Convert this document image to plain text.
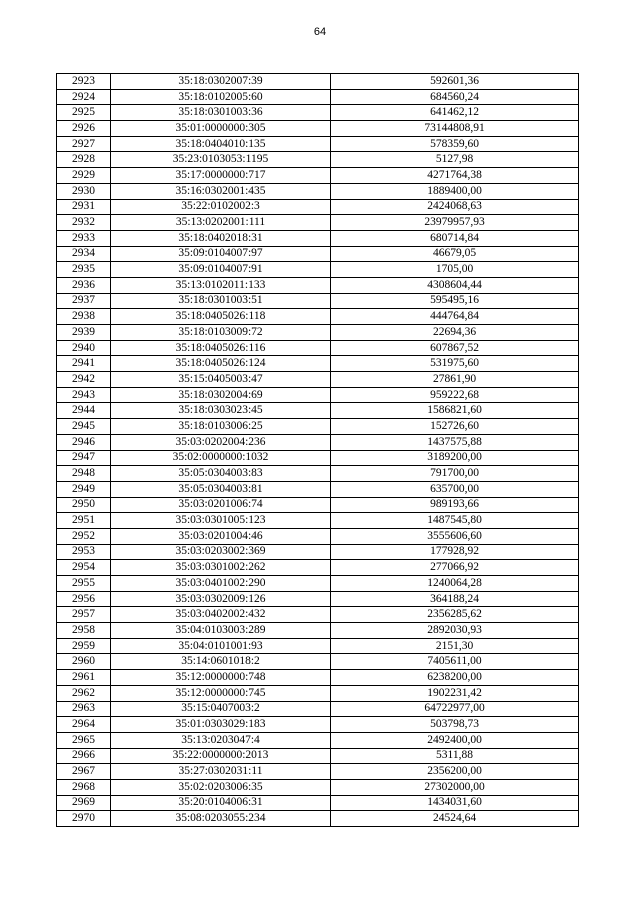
64
2923	35:18:0302007:39	592601,36
2924	35:18:0102005:60	684560,24
2925	35:18:0301003:36	641462,12
2926	35:01:0000000:305	73144808,91
2927	35:18:0404010:135	578359,60
2928	35:23:0103053:1195	5127,98
2929	35:17:0000000:717	4271764,38
2930	35:16:0302001:435	1889400,00
2931	35:22:0102002:3	2424068,63
2932	35:13:0202001:111	23979957,93
2933	35:18:0402018:31	680714,84
2934	35:09:0104007:97	46679,05
2935	35:09:0104007:91	1705,00
2936	35:13:0102011:133	4308604,44
2937	35:18:0301003:51	595495,16
2938	35:18:0405026:118	444764,84
2939	35:18:0103009:72	22694,36
2940	35:18:0405026:116	607867,52
2941	35:18:0405026:124	531975,60
2942	35:15:0405003:47	27861,90
2943	35:18:0302004:69	959222,68
2944	35:18:0303023:45	1586821,60
2945	35:18:0103006:25	152726,60
2946	35:03:0202004:236	1437575,88
2947	35:02:0000000:1032	3189200,00
2948	35:05:0304003:83	791700,00
2949	35:05:0304003:81	635700,00
2950	35:03:0201006:74	989193,66
2951	35:03:0301005:123	1487545,80
2952	35:03:0201004:46	3555606,60
2953	35:03:0203002:369	177928,92
2954	35:03:0301002:262	277066,92
2955	35:03:0401002:290	1240064,28
2956	35:03:0302009:126	364188,24
2957	35:03:0402002:432	2356285,62
2958	35:04:0103003:289	2892030,93
2959	35:04:0101001:93	2151,30
2960	35:14:0601018:2	7405611,00
2961	35:12:0000000:748	6238200,00
2962	35:12:0000000:745	1902231,42
2963	35:15:0407003:2	64722977,00
2964	35:01:0303029:183	503798,73
2965	35:13:0203047:4	2492400,00
2966	35:22:0000000:2013	5311,88
2967	35:27:0302031:11	2356200,00
2968	35:02:0203006:35	27302000,00
2969	35:20:0104006:31	1434031,60
2970	35:08:0203055:234	24524,64
